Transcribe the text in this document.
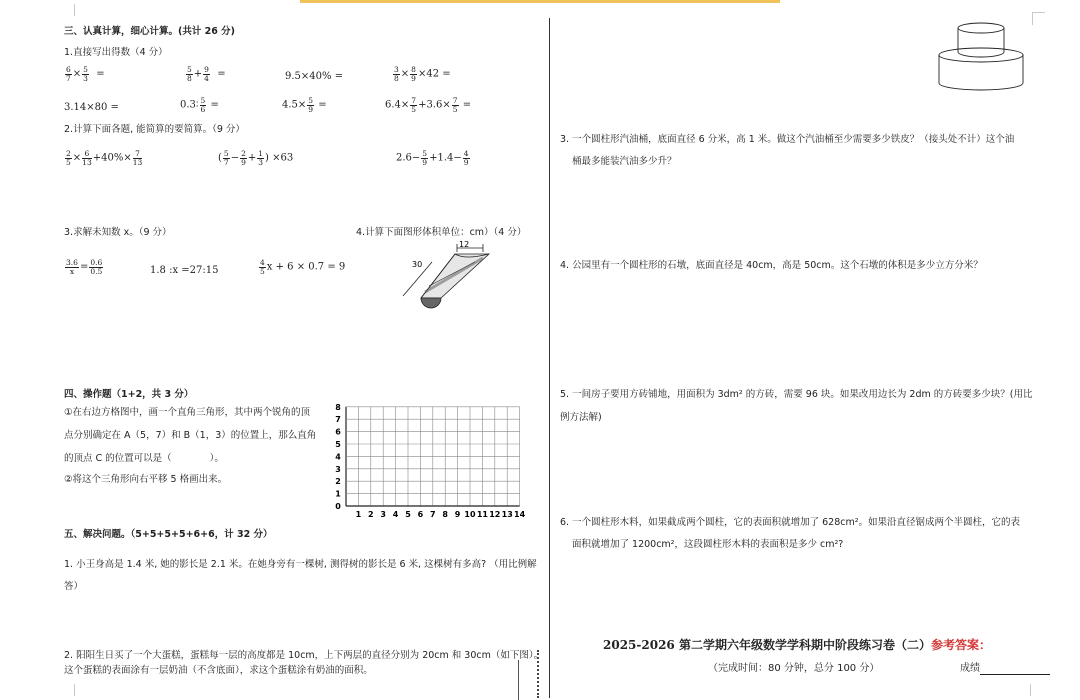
三、认真计算，细心计算。(共计 26 分)
1.直接写出得数（4 分）
$\frac{6}{7} \times \frac{5}{3}$ =	$\frac{5}{8} + \frac{9}{4}$ =	9.5×40% =	$\frac{3}{8} \times \frac{8}{9} \times 42$ =
3.14×80 =	0.3∶ $\frac{5}{6}$ =	$4.5\times \frac{5}{9}$ =	$6.4\times \frac{7}{5} +3.6\times \frac{7}{5}$ =
2.计算下面各题, 能简算的要简算。（9 分）
$\frac{2}{5} \times \frac{6}{13} +40\%\times \frac{7}{13}$	( $\frac{5}{7} - \frac{2}{9} + \frac{1}{3}$ ) ×63	$2.6- \frac{5}{9} +1.4- \frac{4}{9}$
3.求解未知数 x。（9 分）
$\frac{3.6}{x} = \frac{0.6}{0.5}$	1.8 :x =27:15	$\frac{4}{5}$ x + 6 × 0.7 = 9
4.计算下面图形体积单位：cm）（4 分）
12
30
四、操作题（1+2，共 3 分）
①在右边方格图中，画一个直角三角形，其中两个锐角的顶
点分别确定在 A（5，7）和 B（1，3）的位置上，那么直角
的顶点 C 的位置可以是（　　　　）。
②将这个三角形向右平移 5 格画出来。
8
7
6
5
4
3
2
1
0
1 2 3 4 5 6 7 8 9 10 11 12 13 14
五、解决问题。（5+5+5+5+6+6，计 32 分）
1. 小王身高是 1.4 米, 她的影长是 2.1 米。在她身旁有一棵树, 测得树的影长是 6 米, 这棵树有多高? （用比例解答）
2. 阳阳生日买了一个大蛋糕，蛋糕每一层的高度都是 10cm，上下两层的直径分别为 20cm 和 30cm（如下图）。
这个蛋糕的表面涂有一层奶油（不含底面），求这个蛋糕涂有奶油的面积。
3. 一个圆柱形汽油桶，底面直径 6 分米，高 1 米。做这个汽油桶至少需要多少铁皮？（接头处不计）这个油
桶最多能装汽油多少升？
4. 公园里有一个圆柱形的石墩，底面直径是 40cm，高是 50cm。这个石墩的体积是多少立方分米？
5. 一间房子要用方砖铺地，用面积为 3dm² 的方砖，需要 96 块。如果改用边长为 2dm 的方砖要多少块？(用比
例方法解)
6. 一个圆柱形木料，如果截成两个圆柱，它的表面积就增加了 628cm²。如果沿直径锯成两个半圆柱，它的表
面积就增加了 1200cm²，这段圆柱形木料的表面积是多少 cm²?
2025-2026 第二学期六年级数学学科期中阶段练习卷（二）参考答案：
（完成时间：80 分钟，总分 100 分）	成绩
